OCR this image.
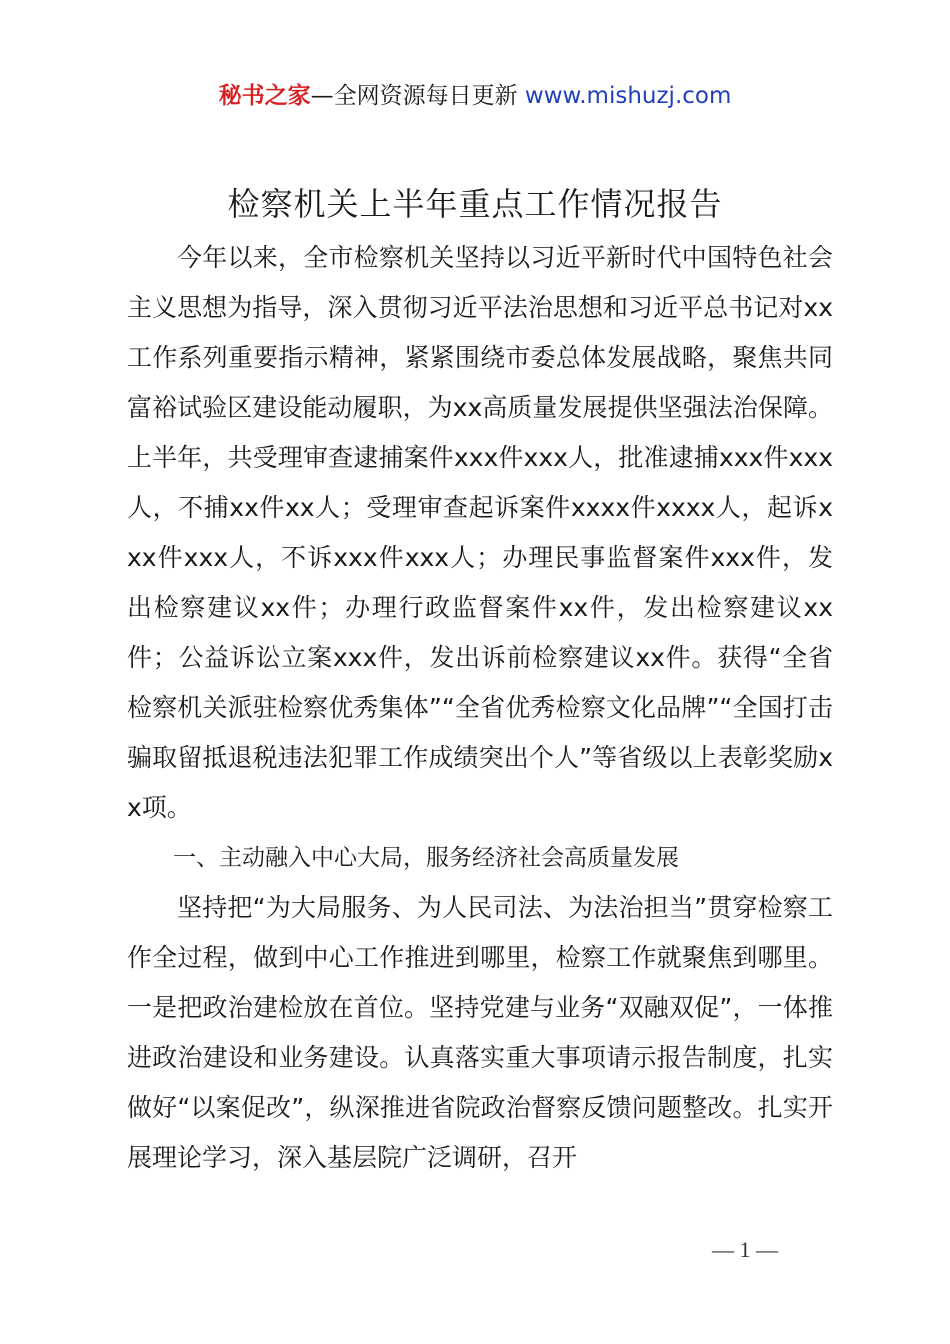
秘书之家—全网资源每日更新 www.mishuzj.com
检察机关上半年重点工作情况报告

今年以来，全市检察机关坚持以习近平新时代中国特色社会主义思想为指导，深入贯彻习近平法治思想和习近平总书记对xx工作系列重要指示精神，紧紧围绕市委总体发展战略，聚焦共同富裕试验区建设能动履职，为xx高质量发展提供坚强法治保障。上半年，共受理审查逮捕案件xxx件xxx人，批准逮捕xxx件xxx人，不捕xx件xx人；受理审查起诉案件xxxx件xxxx人，起诉xxx件xxx人，不诉xxx件xxx人；办理民事监督案件xxx件，发出检察建议xx件；办理行政监督案件xx件，发出检察建议xx件；公益诉讼立案xxx件，发出诉前检察建议xx件。获得“全省检察机关派驻检察优秀集体”“全省优秀检察文化品牌”“全国打击骗取留抵退税违法犯罪工作成绩突出个人”等省级以上表彰奖励xx项。

一、主动融入中心大局，服务经济社会高质量发展

坚持把“为大局服务、为人民司法、为法治担当”贯穿检察工作全过程，做到中心工作推进到哪里，检察工作就聚焦到哪里。一是把政治建检放在首位。坚持党建与业务“双融双促”，一体推进政治建设和业务建设。认真落实重大事项请示报告制度，扎实做好“以案促改”，纵深推进省院政治督察反馈问题整改。扎实开展理论学习，深入基层院广泛调研，召开

— 1 —
